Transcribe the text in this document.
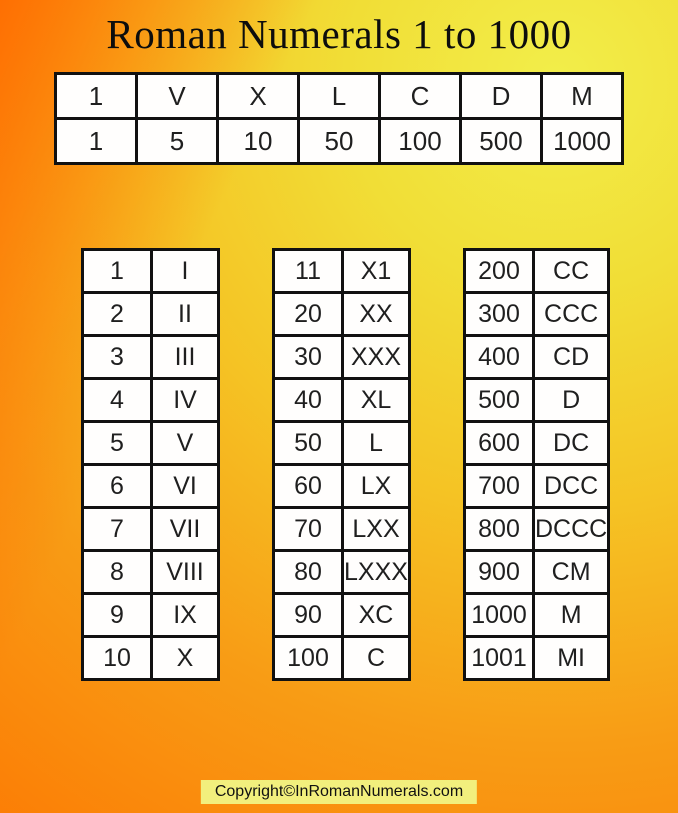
Roman Numerals 1 to 1000
1	V	X	L	C	D	M
1	5	10	50	100	500	1000
1	I
2	II
3	III
4	IV
5	V
6	VI
7	VII
8	VIII
9	IX
10	X
11	X1
20	XX
30	XXX
40	XL
50	L
60	LX
70	LXX
80	LXXX
90	XC
100	C
200	CC
300	CCC
400	CD
500	D
600	DC
700	DCC
800	DCCC
900	CM
1000	M
1001	MI
Copyright©InRomanNumerals.com
